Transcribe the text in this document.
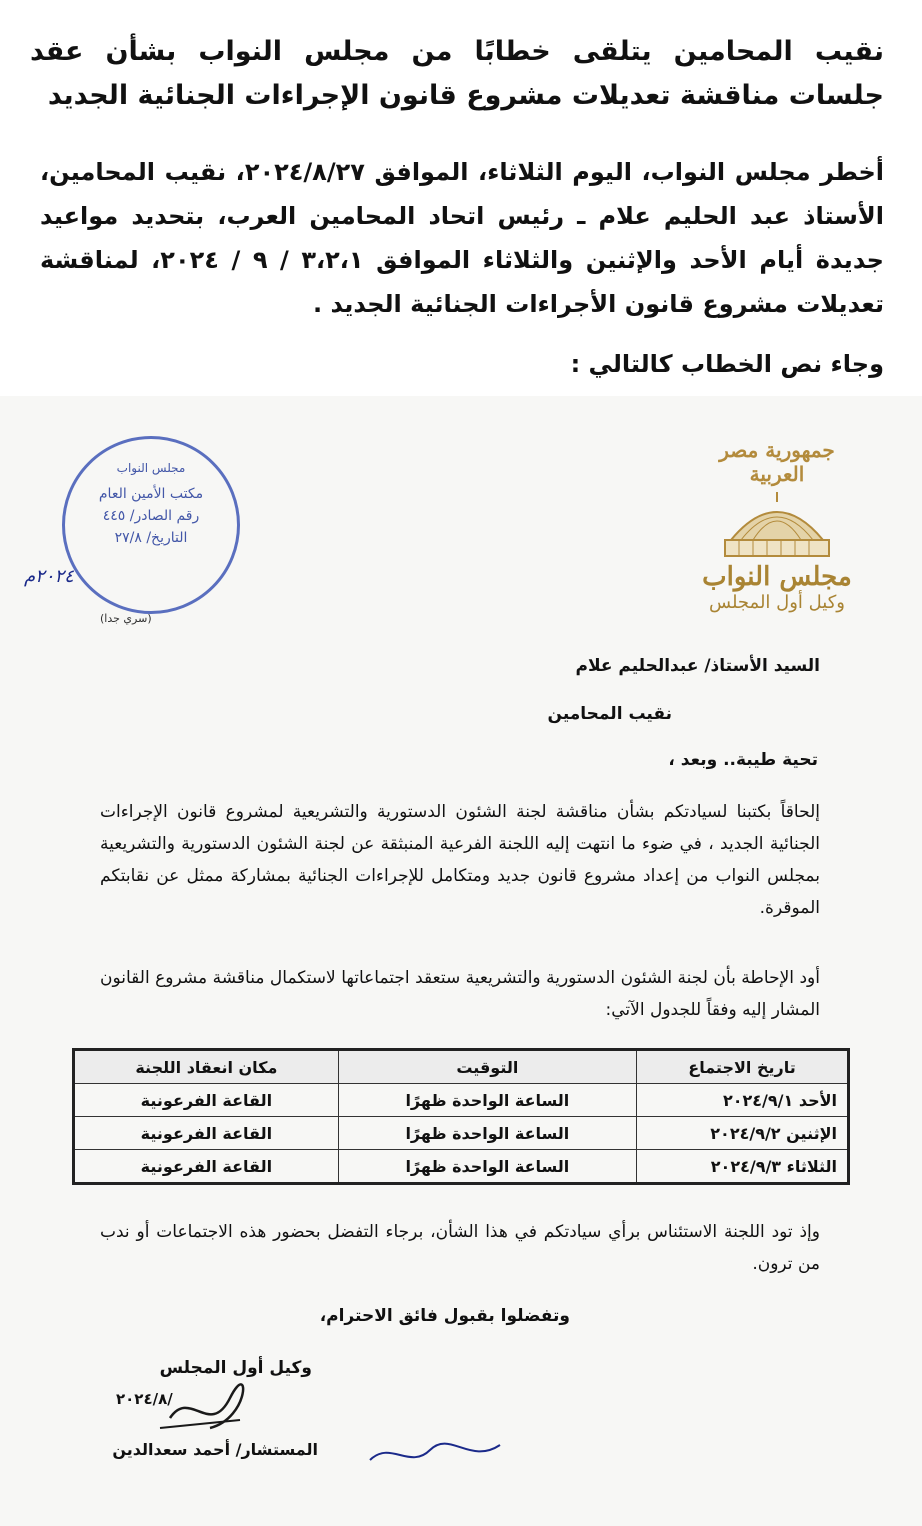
نقيب المحامين يتلقى خطابًا من مجلس النواب بشأن عقد جلسات مناقشة تعديلات مشروع قانون الإجراءات الجنائية الجديد
أخطر مجلس النواب، اليوم الثلاثاء، الموافق ٢٠٢٤/٨/٢٧، نقيب المحامين، الأستاذ عبد الحليم علام ـ رئيس اتحاد المحامين العرب، بتحديد مواعيد جديدة أيام الأحد والإثنين والثلاثاء الموافق ٣،٢،١ / ٩ / ٢٠٢٤، لمناقشة تعديلات مشروع قانون الأجراءات الجنائية الجديد .
وجاء نص الخطاب كالتالي :
جمهورية مصر العربية
مجلس النواب
وكيل أول المجلس
مجلس النواب
مكتب الأمين العام
رقم الصادر/ ٤٤٥
التاريخ/ ٢٧/٨
٢٠٢٤م
(سري جدا)
السيد الأستاذ/ عبدالحليم علام
نقيب المحامين
تحية طيبة.. وبعد ،
إلحاقاً بكتبنا لسيادتكم بشأن مناقشة لجنة الشئون الدستورية والتشريعية لمشروع قانون الإجراءات الجنائية الجديد ، في ضوء ما انتهت إليه اللجنة الفرعية المنبثقة عن لجنة الشئون الدستورية والتشريعية بمجلس النواب من إعداد مشروع قانون جديد ومتكامل للإجراءات الجنائية بمشاركة ممثل عن نقابتكم الموقرة.
أود الإحاطة بأن لجنة الشئون الدستورية والتشريعية ستعقد اجتماعاتها لاستكمال مناقشة مشروع القانون المشار إليه وفقاً للجدول الآتي:
تاريخ الاجتماع	التوقيت	مكان انعقاد اللجنة
الأحد ٢٠٢٤/٩/١	الساعة الواحدة ظهرًا	القاعة الفرعونية
الإثنين ٢٠٢٤/٩/٢	الساعة الواحدة ظهرًا	القاعة الفرعونية
الثلاثاء ٢٠٢٤/٩/٣	الساعة الواحدة ظهرًا	القاعة الفرعونية
وإذ تود اللجنة الاستئناس برأي سيادتكم في هذا الشأن، برجاء التفضل بحضور هذه الاجتماعات أو ندب من ترون.
وتفضلوا بقبول فائق الاحترام،
وكيل أول المجلس
المستشار/ أحمد سعدالدين
/٢٠٢٤/٨
